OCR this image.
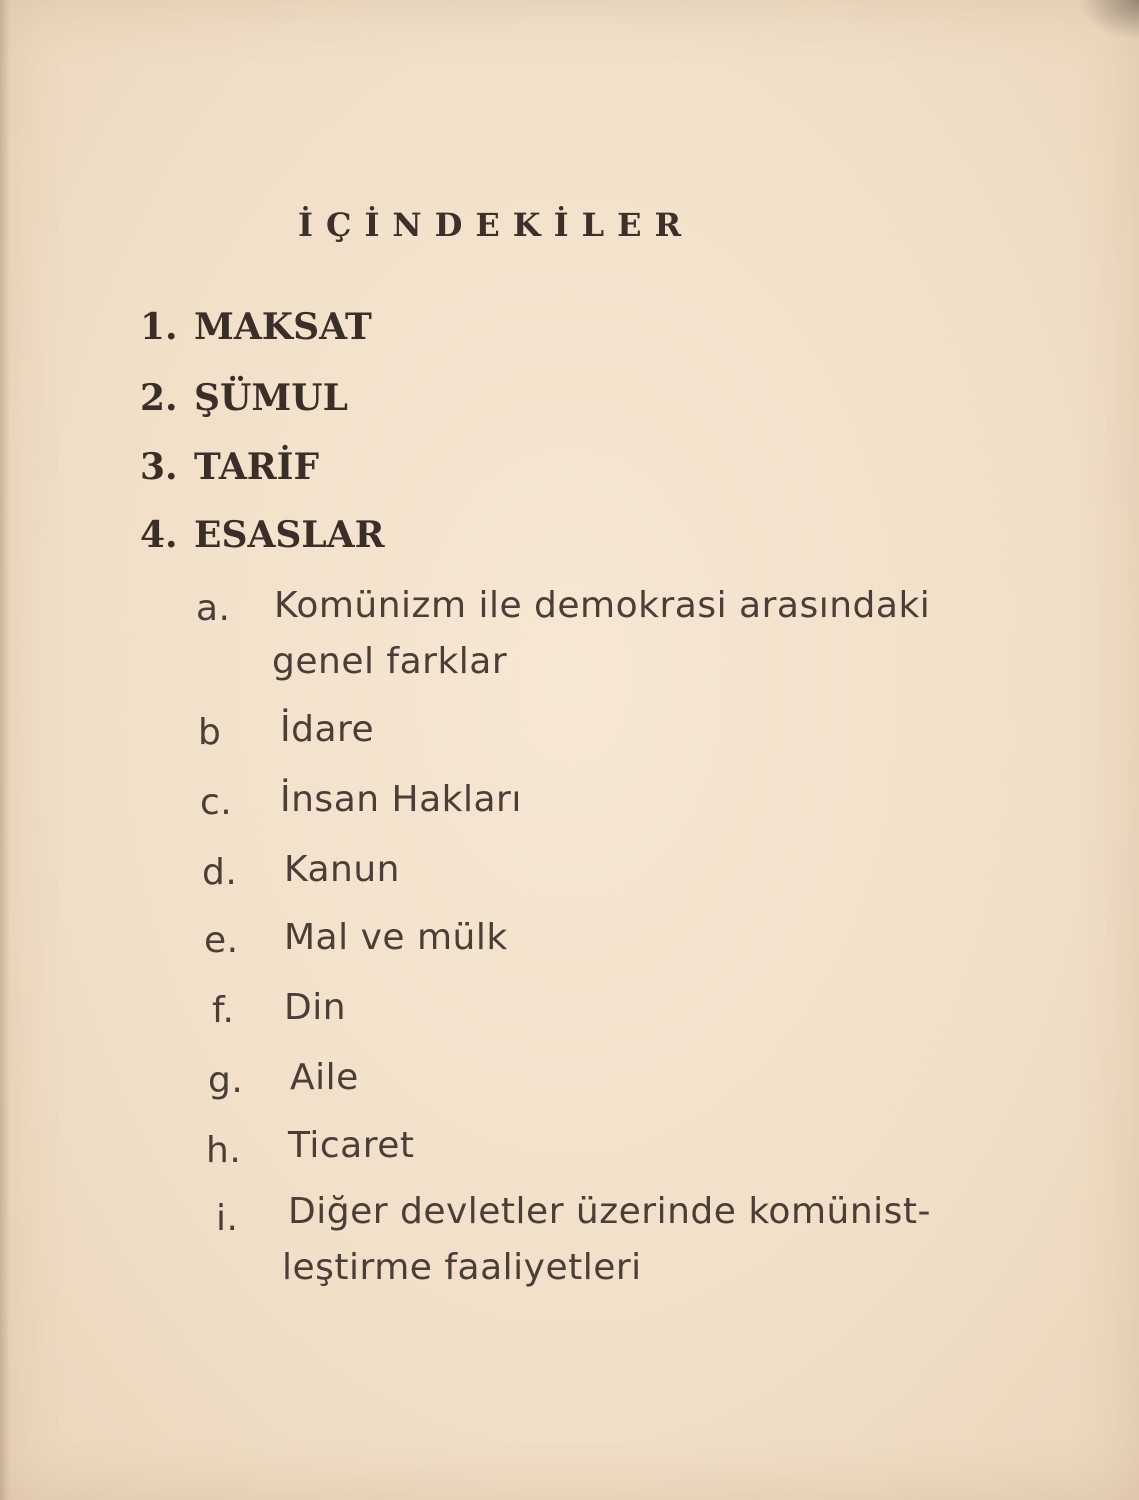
İÇİNDEKİLER
1. MAKSAT
2. ŞÜMUL
3. TARİF
4. ESASLAR
a. Komünizm ile demokrasi arasındaki
genel farklar
b İdare
c. İnsan Hakları
d. Kanun
e. Mal ve mülk
f. Din
g. Aile
h. Ticaret
i. Diğer devletler üzerinde komünist-
leştirme faaliyetleri
